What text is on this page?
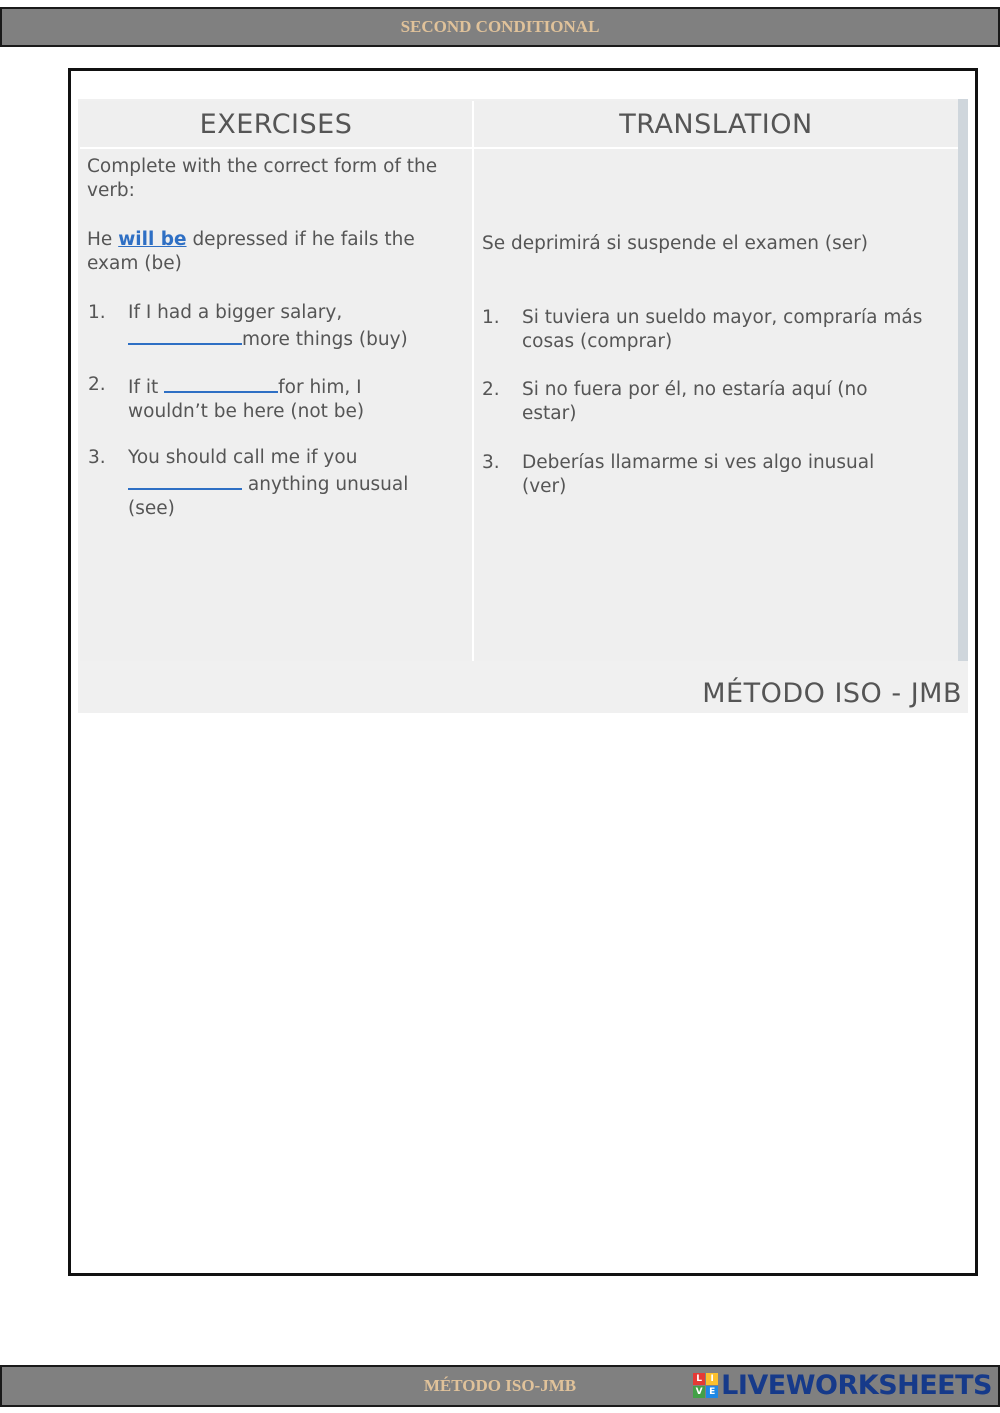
SECOND CONDITIONAL
EXERCISES
Complete with the correct form of the verb:
He will be depressed if he fails the exam (be)
1. If I had a bigger salary,
more things (buy)
2. If it	for him, I
wouldn’t be here (not be)
3. You should call me if you
anything unusual
(see)
TRANSLATION
Se deprimirá si suspende el examen (ser)
1. Si tuviera un sueldo mayor, compraría más cosas (comprar)
2. Si no fuera por él, no estaría aquí (no estar)
3. Deberías llamarme si ves algo inusual (ver)
MÉTODO ISO - JMB
MÉTODO ISO-JMB	L I
V E LIVEWORKSHEETS
